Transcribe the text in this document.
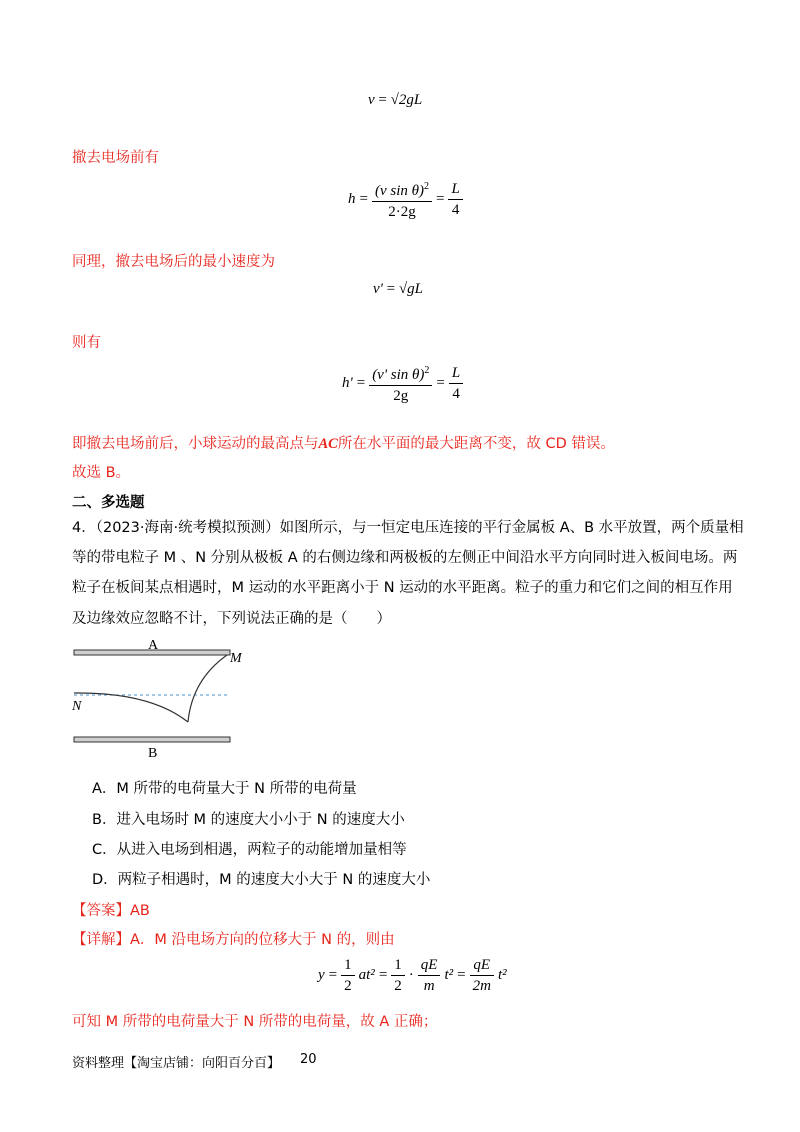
v = √2gL
撤去电场前有
$h = \frac{(v \sin \theta)^2}{2\cdot 2g} = \frac{L}{4}$
同理，撤去电场后的最小速度为
v' = √gL
则有
$h' = \frac{(v' \sin \theta)^2}{2g} = \frac{L}{4}$
即撤去电场前后，小球运动的最高点与AC所在水平面的最大距离不变，故 CD 错误。
故选 B。
二、多选题
4．（2023·海南·统考模拟预测）如图所示，与一恒定电压连接的平行金属板 A、B 水平放置，两个质量相
等的带电粒子 M 、N 分别从极板 A 的右侧边缘和两极板的左侧正中间沿水平方向同时进入板间电场。两
粒子在板间某点相遇时，M 运动的水平距离小于 N 运动的水平距离。粒子的重力和它们之间的相互作用
及边缘效应忽略不计，下列说法正确的是（　　）
A
B
M
N
A．M 所带的电荷量大于 N 所带的电荷量
B．进入电场时 M 的速度大小小于 N 的速度大小
C．从进入电场到相遇，两粒子的动能增加量相等
D．两粒子相遇时，M 的速度大小大于 N 的速度大小
【答案】AB
【详解】A．M 沿电场方向的位移大于 N 的，则由
$y = \frac{1}{2} at^2 = \frac{1}{2} \cdot \frac{qE}{m} t^2 = \frac{qE}{2m} t^2$
可知 M 所带的电荷量大于 N 所带的电荷量，故 A 正确；
资料整理【淘宝店铺：向阳百分百】 20
